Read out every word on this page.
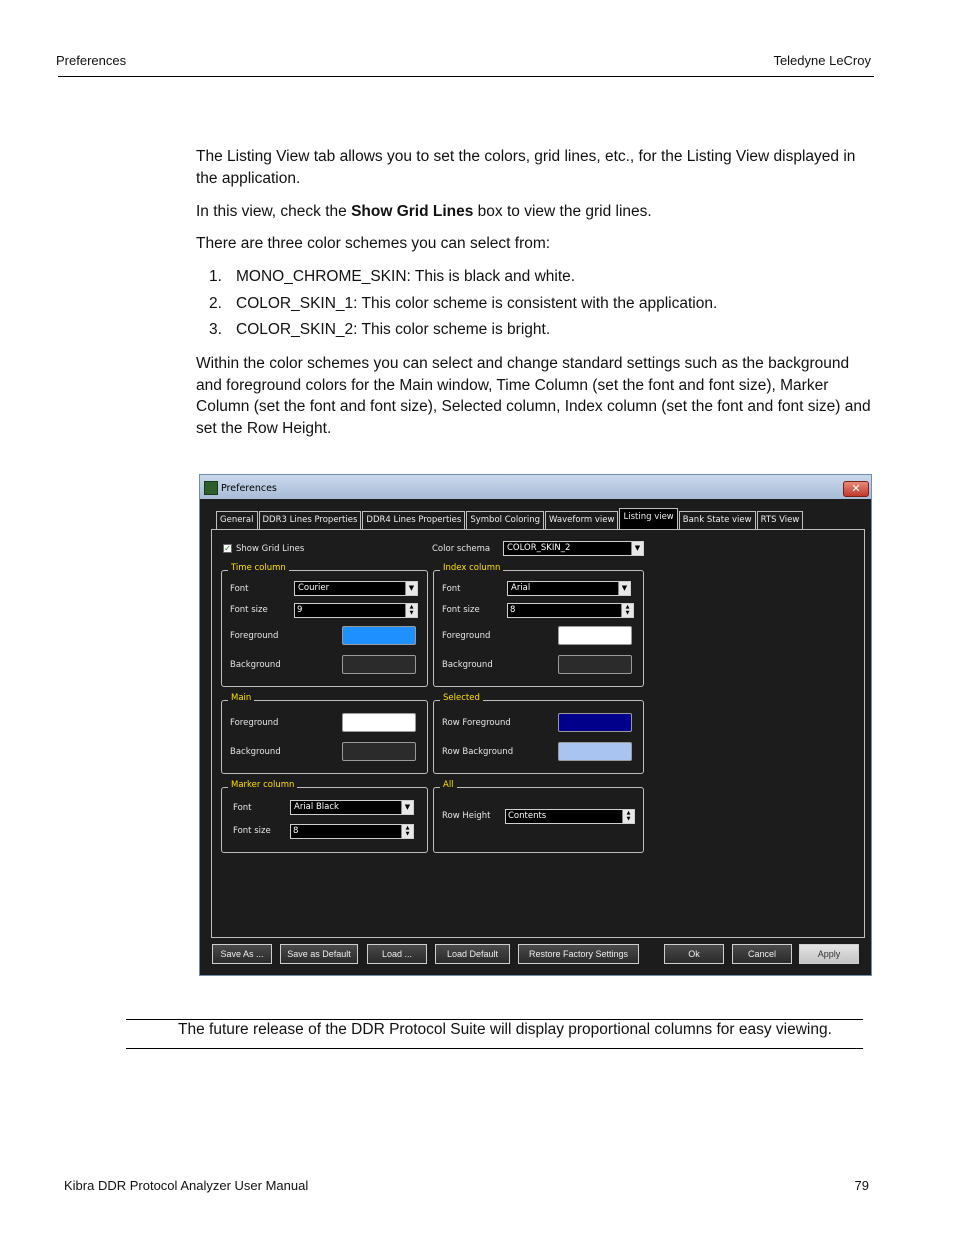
Preferences	Teledyne LeCroy

The Listing View tab allows you to set the colors, grid lines, etc., for the Listing View displayed in the application.

In this view, check the Show Grid Lines box to view the grid lines.

There are three color schemes you can select from:

1. MONO_CHROME_SKIN: This is black and white.
2. COLOR_SKIN_1: This color scheme is consistent with the application.
3. COLOR_SKIN_2: This color scheme is bright.

Within the color schemes you can select and change standard settings such as the background and foreground colors for the Main window, Time Column (set the font and font size), Marker Column (set the font and font size), Selected column, Index column (set the font and font size) and set the Row Height.

Preferences	✕
General	DDR3 Lines Properties	DDR4 Lines Properties	Symbol Coloring	Waveform view	Listing view	Bank State view	RTS View
✓ Show Grid Lines	Color schema	COLOR_SKIN_2	▼
Time column
Font	Courier	▼
Font size	9	▲
▼
Foreground
Background
Index column
Font	Arial	▼
Font size	8	▲
▼
Foreground
Background
Main
Foreground
Background
Selected
Row Foreground
Row Background
Marker column
Font	Arial Black	▼
Font size	8	▲
▼
All
Row Height	Contents	▲
▼
Save As ...	Save as Default	Load ...	Load Default	Restore Factory Settings	Ok	Cancel	Apply
The future release of the DDR Protocol Suite will display proportional columns for easy viewing.
Kibra DDR Protocol Analyzer User Manual	79
